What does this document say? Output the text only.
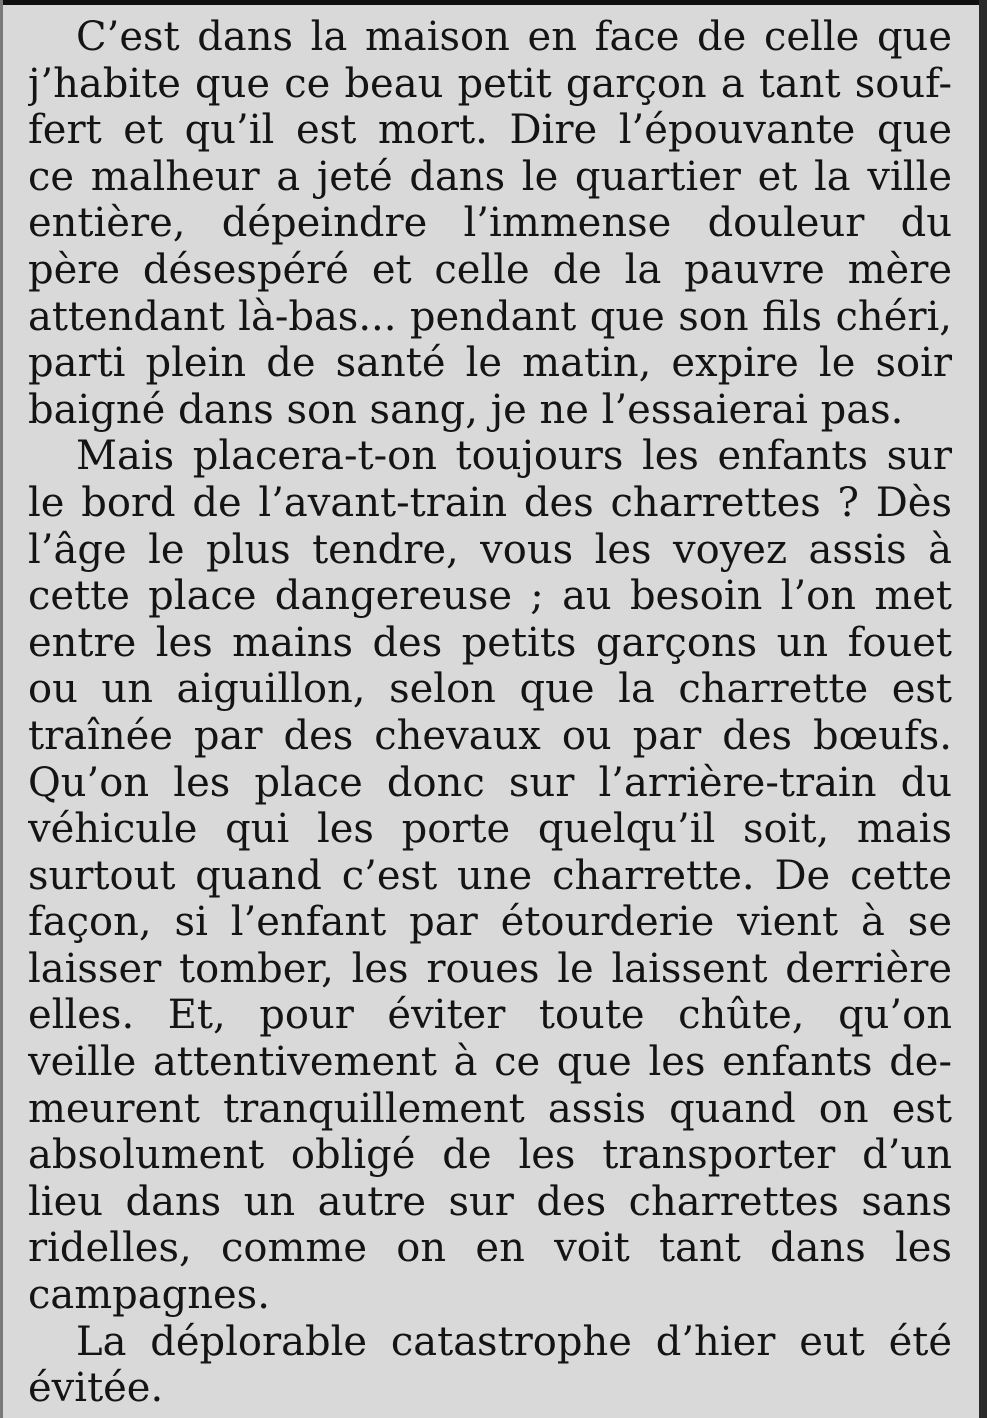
C’est dans la maison en face de celle que
j’habite que ce beau petit garçon a tant souf-
fert et qu’il est mort. Dire l’épouvante que
ce malheur a jeté dans le quartier et la ville
entière, dépeindre l’immense douleur du
père désespéré et celle de la pauvre mère
attendant là-bas... pendant que son fils chéri,
parti plein de santé le matin, expire le soir
baigné dans son sang, je ne l’essaierai pas.
Mais placera-t-on toujours les enfants sur
le bord de l’avant-train des charrettes ? Dès
l’âge le plus tendre, vous les voyez assis à
cette place dangereuse ; au besoin l’on met
entre les mains des petits garçons un fouet
ou un aiguillon, selon que la charrette est
traînée par des chevaux ou par des bœufs.
Qu’on les place donc sur l’arrière-train du
véhicule qui les porte quelqu’il soit, mais
surtout quand c’est une charrette. De cette
façon, si l’enfant par étourderie vient à se
laisser tomber, les roues le laissent derrière
elles. Et, pour éviter toute chûte, qu’on
veille attentivement à ce que les enfants de-
meurent tranquillement assis quand on est
absolument obligé de les transporter d’un
lieu dans un autre sur des charrettes sans
ridelles, comme on en voit tant dans les
campagnes.
La déplorable catastrophe d’hier eut été
évitée.
